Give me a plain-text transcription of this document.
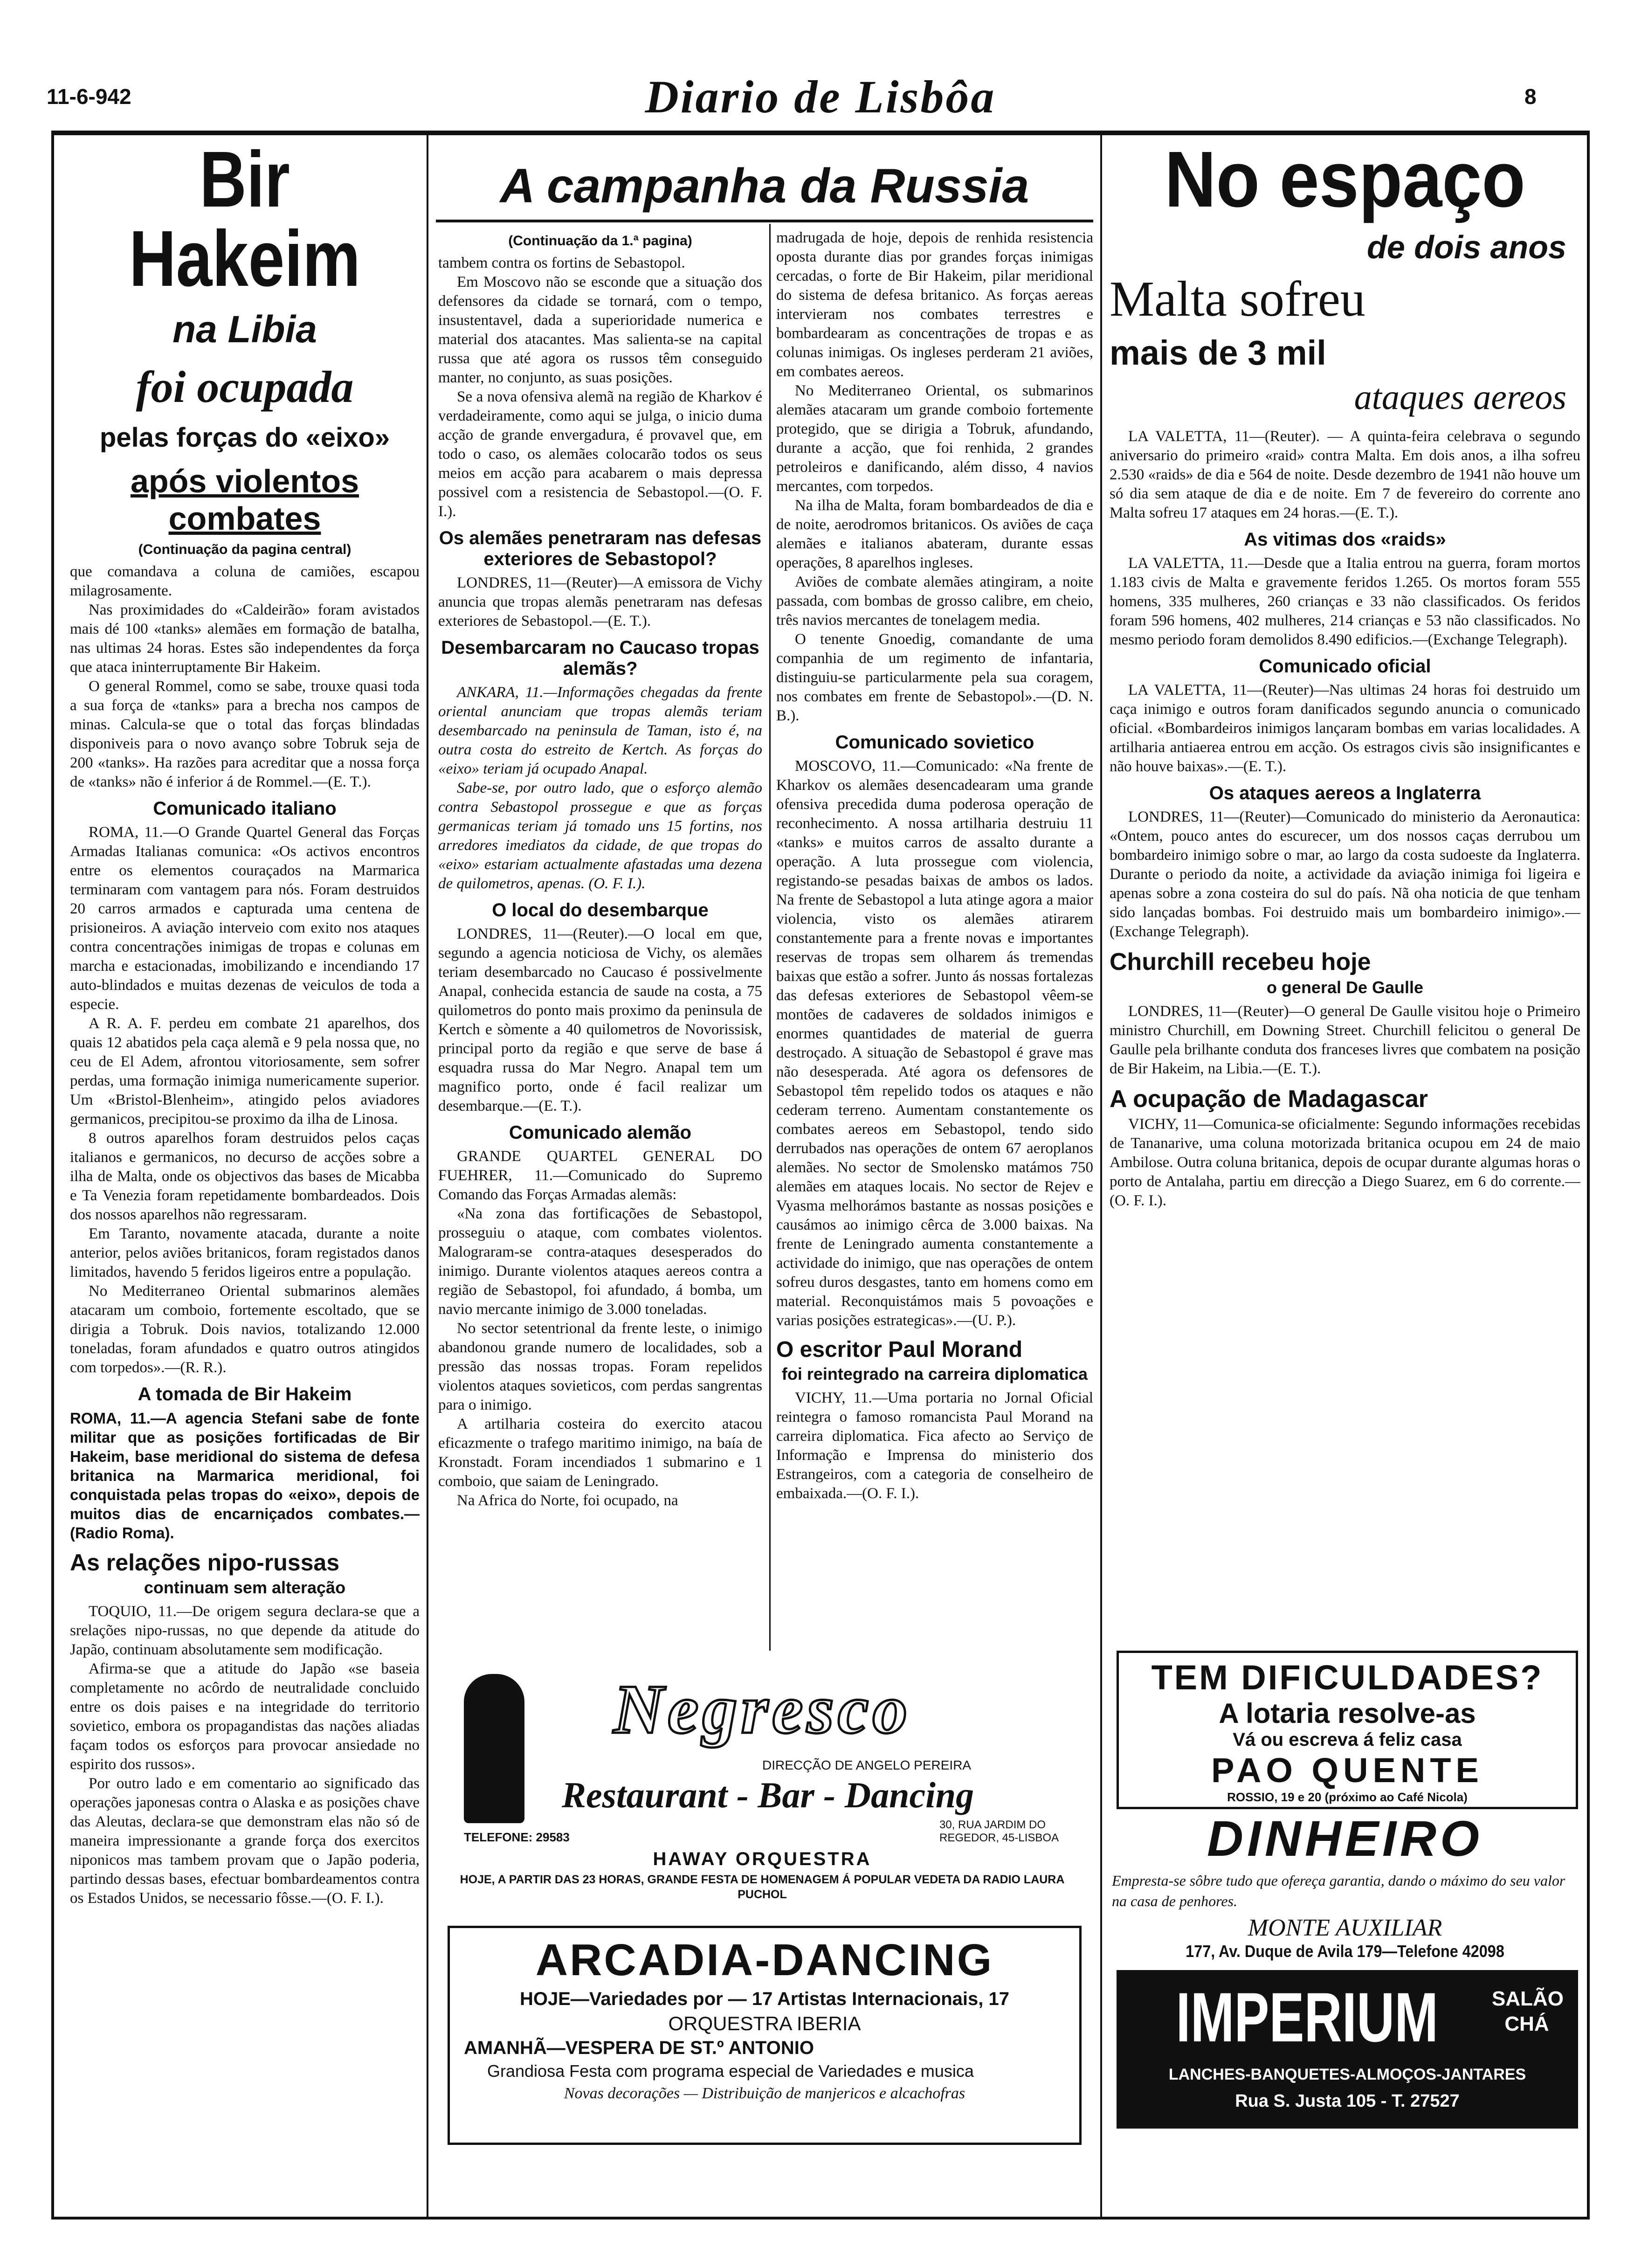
11-6-942	Diario de Lisbôa	8
Bir Hakeim
na Libia
foi ocupada
pelas forças do «eixo»
após violentos combates
(Continuação da pagina central)

que comandava a coluna de camiões, escapou milagrosamente.

Nas proximidades do «Caldeirão» foram avistados mais dé 100 «tanks» alemães em formação de batalha, nas ultimas 24 horas. Estes são independentes da força que ataca ininterruptamente Bir Hakeim.

O general Rommel, como se sabe, trouxe quasi toda a sua força de «tanks» para a brecha nos campos de minas. Calcula-se que o total das forças blindadas disponiveis para o novo avanço sobre Tobruk seja de 200 «tanks». Ha razões para acreditar que a nossa força de «tanks» não é inferior á de Rommel.—(E. T.).

Comunicado italiano

ROMA, 11.—O Grande Quartel General das Forças Armadas Italianas comunica: «Os activos encontros entre os elementos couraçados na Marmarica terminaram com vantagem para nós. Foram destruidos 20 carros armados e capturada uma centena de prisioneiros. A aviação interveio com exito nos ataques contra concentrações inimigas de tropas e colunas em marcha e estacionadas, imobilizando e incendiando 17 auto-blindados e muitas dezenas de veiculos de toda a especie.

A R. A. F. perdeu em combate 21 aparelhos, dos quais 12 abatidos pela caça alemã e 9 pela nossa que, no ceu de El Adem, afrontou vitoriosamente, sem sofrer perdas, uma formação inimiga numericamente superior. Um «Bristol-Blenheim», atingido pelos aviadores germanicos, precipitou-se proximo da ilha de Linosa.

8 outros aparelhos foram destruidos pelos caças italianos e germanicos, no decurso de acções sobre a ilha de Malta, onde os objectivos das bases de Micabba e Ta Venezia foram repetidamente bombardeados. Dois dos nossos aparelhos não regressaram.

Em Taranto, novamente atacada, durante a noite anterior, pelos aviões britanicos, foram registados danos limitados, havendo 5 feridos ligeiros entre a população.

No Mediterraneo Oriental submarinos alemães atacaram um comboio, fortemente escoltado, que se dirigia a Tobruk. Dois navios, totalizando 12.000 toneladas, foram afundados e quatro outros atingidos com torpedos».—(R. R.).

A tomada de Bir Hakeim

ROMA, 11.—A agencia Stefani sabe de fonte militar que as posições fortificadas de Bir Hakeim, base meridional do sistema de defesa britanica na Marmarica meridional, foi conquistada pelas tropas do «eixo», depois de muitos dias de encarniçados combates.—(Radio Roma).

As relações nipo-russas
continuam sem alteração

TOQUIO, 11.—De origem segura declara-se que a srelações nipo-russas, no que depende da atitude do Japão, continuam absolutamente sem modificação.

Afirma-se que a atitude do Japão «se baseia completamente no acôrdo de neutralidade concluido entre os dois paises e na integridade do territorio sovietico, embora os propagandistas das nações aliadas façam todos os esforços para provocar ansiedade no espirito dos russos».

Por outro lado e em comentario ao significado das operações japonesas contra o Alaska e as posições chave das Aleutas, declara-se que demonstram elas não só de maneira impressionante a grande força dos exercitos niponicos mas tambem provam que o Japão poderia, partindo dessas bases, efectuar bombardeamentos contra os Estados Unidos, se necessario fôsse.—(O. F. I.).

A campanha da Russia
(Continuação da 1.ª pagina)

tambem contra os fortins de Sebastopol.

Em Moscovo não se esconde que a situação dos defensores da cidade se tornará, com o tempo, insustentavel, dada a superioridade numerica e material dos atacantes. Mas salienta-se na capital russa que até agora os russos têm conseguido manter, no conjunto, as suas posições.

Se a nova ofensiva alemã na região de Kharkov é verdadeiramente, como aqui se julga, o inicio duma acção de grande envergadura, é provavel que, em todo o caso, os alemães colocarão todos os seus meios em acção para acabarem o mais depressa possivel com a resistencia de Sebastopol.—(O. F. I.).

Os alemães penetraram nas defesas exteriores de Sebastopol?

LONDRES, 11—(Reuter)—A emissora de Vichy anuncia que tropas alemãs penetraram nas defesas exteriores de Sebastopol.—(E. T.).

Desembarcaram no Caucaso tropas alemãs?

ANKARA, 11.—Informações chegadas da frente oriental anunciam que tropas alemãs teriam desembarcado na peninsula de Taman, isto é, na outra costa do estreito de Kertch. As forças do «eixo» teriam já ocupado Anapal.

Sabe-se, por outro lado, que o esforço alemão contra Sebastopol prossegue e que as forças germanicas teriam já tomado uns 15 fortins, nos arredores imediatos da cidade, de que tropas do «eixo» estariam actualmente afastadas uma dezena de quilometros, apenas. (O. F. I.).

O local do desembarque

LONDRES, 11—(Reuter).—O local em que, segundo a agencia noticiosa de Vichy, os alemães teriam desembarcado no Caucaso é possivelmente Anapal, conhecida estancia de saude na costa, a 75 quilometros do ponto mais proximo da peninsula de Kertch e sòmente a 40 quilometros de Novorissisk, principal porto da região e que serve de base á esquadra russa do Mar Negro. Anapal tem um magnifico porto, onde é facil realizar um desembarque.—(E. T.).

Comunicado alemão

GRANDE QUARTEL GENERAL DO FUEHRER, 11.—Comunicado do Supremo Comando das Forças Armadas alemãs:

«Na zona das fortificações de Sebastopol, prosseguiu o ataque, com combates violentos. Malograram-se contra-ataques desesperados do inimigo. Durante violentos ataques aereos contra a região de Sebastopol, foi afundado, á bomba, um navio mercante inimigo de 3.000 toneladas.

No sector setentrional da frente leste, o inimigo abandonou grande numero de localidades, sob a pressão das nossas tropas. Foram repelidos violentos ataques sovieticos, com perdas sangrentas para o inimigo.

A artilharia costeira do exercito atacou eficazmente o trafego maritimo inimigo, na baía de Kronstadt. Foram incendiados 1 submarino e 1 comboio, que saiam de Leningrado.

Na Africa do Norte, foi ocupado, na

madrugada de hoje, depois de renhida resistencia oposta durante dias por grandes forças inimigas cercadas, o forte de Bir Hakeim, pilar meridional do sistema de defesa britanico. As forças aereas intervieram nos combates terrestres e bombardearam as concentrações de tropas e as colunas inimigas. Os ingleses perderam 21 aviões, em combates aereos.

No Mediterraneo Oriental, os submarinos alemães atacaram um grande comboio fortemente protegido, que se dirigia a Tobruk, afundando, durante a acção, que foi renhida, 2 grandes petroleiros e danificando, além disso, 4 navios mercantes, com torpedos.

Na ilha de Malta, foram bombardeados de dia e de noite, aerodromos britanicos. Os aviões de caça alemães e italianos abateram, durante essas operações, 8 aparelhos ingleses.

Aviões de combate alemães atingiram, a noite passada, com bombas de grosso calibre, em cheio, três navios mercantes de tonelagem media.

O tenente Gnoedig, comandante de uma companhia de um regimento de infantaria, distinguiu-se particularmente pela sua coragem, nos combates em frente de Sebastopol».—(D. N. B.).

Comunicado sovietico

MOSCOVO, 11.—Comunicado: «Na frente de Kharkov os alemães desencadearam uma grande ofensiva precedida duma poderosa operação de reconhecimento. A nossa artilharia destruiu 11 «tanks» e muitos carros de assalto durante a operação. A luta prossegue com violencia, registando-se pesadas baixas de ambos os lados. Na frente de Sebastopol a luta atinge agora a maior violencia, visto os alemães atirarem constantemente para a frente novas e importantes reservas de tropas sem olharem ás tremendas baixas que estão a sofrer. Junto ás nossas fortalezas das defesas exteriores de Sebastopol vêem-se montões de cadaveres de soldados inimigos e enormes quantidades de material de guerra destroçado. A situação de Sebastopol é grave mas não desesperada. Até agora os defensores de Sebastopol têm repelido todos os ataques e não cederam terreno. Aumentam constantemente os combates aereos em Sebastopol, tendo sido derrubados nas operações de ontem 67 aeroplanos alemães. No sector de Smolensko matámos 750 alemães em ataques locais. No sector de Rejev e Vyasma melhorámos bastante as nossas posições e causámos ao inimigo cêrca de 3.000 baixas. Na frente de Leningrado aumenta constantemente a actividade do inimigo, que nas operações de ontem sofreu duros desgastes, tanto em homens como em material. Reconquistámos mais 5 povoações e varias posições estrategicas».—(U. P.).

O escritor Paul Morand
foi reintegrado na carreira diplomatica

VICHY, 11.—Uma portaria no Jornal Oficial reintegra o famoso romancista Paul Morand na carreira diplomatica. Fica afecto ao Serviço de Informação e Imprensa do ministerio dos Estrangeiros, com a categoria de conselheiro de embaixada.—(O. F. I.).

Negresco
DIRECÇÃO DE ANGELO PEREIRA
Restaurant - Bar - Dancing
TELEFONE: 29583
30, RUA JARDIM DO REGEDOR, 45-LISBOA
HAWAY ORQUESTRA
HOJE, A PARTIR DAS 23 HORAS, GRANDE FESTA DE HOMENAGEM Á POPULAR VEDETA DA RADIO LAURA PUCHOL
ARCADIA-DANCING
HOJE—Variedades por — 17 Artistas Internacionais, 17
ORQUESTRA IBERIA
AMANHÃ—VESPERA DE ST.º ANTONIO
Grandiosa Festa com programa especial de Variedades e musica
Novas decorações — Distribuição de manjericos e alcachofras
No espaço
de dois anos
Malta sofreu
mais de 3 mil
ataques aereos

LA VALETTA, 11—(Reuter). — A quinta-feira celebrava o segundo aniversario do primeiro «raid» contra Malta. Em dois anos, a ilha sofreu 2.530 «raids» de dia e 564 de noite. Desde dezembro de 1941 não houve um só dia sem ataque de dia e de noite. Em 7 de fevereiro do corrente ano Malta sofreu 17 ataques em 24 horas.—(E. T.).

As vitimas dos «raids»

LA VALETTA, 11.—Desde que a Italia entrou na guerra, foram mortos 1.183 civis de Malta e gravemente feridos 1.265. Os mortos foram 555 homens, 335 mulheres, 260 crianças e 33 não classificados. Os feridos foram 596 homens, 402 mulheres, 214 crianças e 53 não classificados. No mesmo periodo foram demolidos 8.490 edificios.—(Exchange Telegraph).

Comunicado oficial

LA VALETTA, 11—(Reuter)—Nas ultimas 24 horas foi destruido um caça inimigo e outros foram danificados segundo anuncia o comunicado oficial. «Bombardeiros inimigos lançaram bombas em varias localidades. A artilharia antiaerea entrou em acção. Os estragos civis são insignificantes e não houve baixas».—(E. T.).

Os ataques aereos a Inglaterra

LONDRES, 11—(Reuter)—Comunicado do ministerio da Aeronautica: «Ontem, pouco antes do escurecer, um dos nossos caças derrubou um bombardeiro inimigo sobre o mar, ao largo da costa sudoeste da Inglaterra. Durante o periodo da noite, a actividade da aviação inimiga foi ligeira e apenas sobre a zona costeira do sul do país. Nã oha noticia de que tenham sido lançadas bombas. Foi destruido mais um bombardeiro inimigo».—(Exchange Telegraph).

Churchill recebeu hoje
o general De Gaulle

LONDRES, 11—(Reuter)—O general De Gaulle visitou hoje o Primeiro ministro Churchill, em Downing Street. Churchill felicitou o general De Gaulle pela brilhante conduta dos franceses livres que combatem na posição de Bir Hakeim, na Libia.—(E. T.).

A ocupação de Madagascar

VICHY, 11—Comunica-se oficialmente: Segundo informações recebidas de Tananarive, uma coluna motorizada britanica ocupou em 24 de maio Ambilose. Outra coluna britanica, depois de ocupar durante algumas horas o porto de Antalaha, partiu em direcção a Diego Suarez, em 6 do corrente.—(O. F. I.).

TEM DIFICULDADES?
A lotaria resolve-as
Vá ou escreva á feliz casa
PAO QUENTE
ROSSIO, 19 e 20 (próximo ao Café Nicola)
DINHEIRO
Empresta-se sôbre tudo que ofereça garantia, dando o máximo do seu valor na casa de penhores.
MONTE AUXILIAR
177, Av. Duque de Avila 179—Telefone 42098
IMPERIUM	SALÃO CHÁ
LANCHES-BANQUETES-ALMOÇOS-JANTARES
Rua S. Justa 105 - T. 27527
